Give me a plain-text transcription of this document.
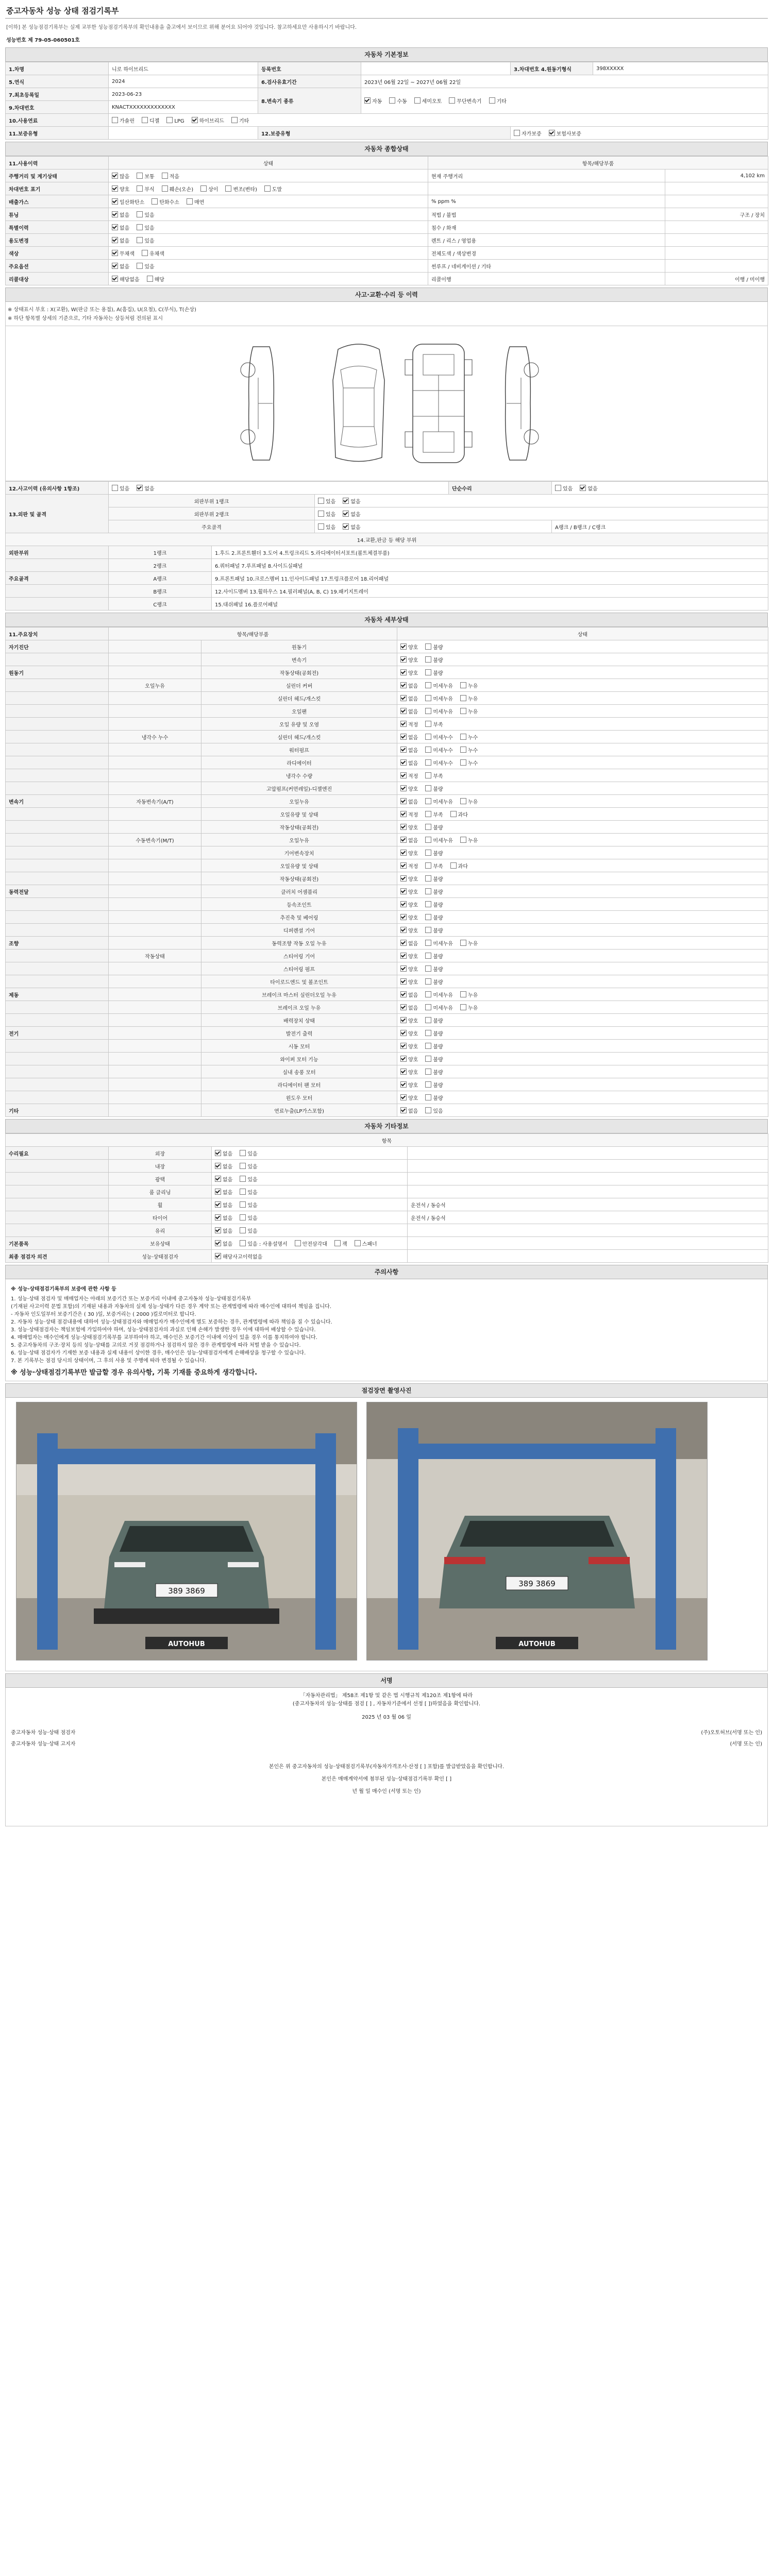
중고자동차 성능 상태 점검기록부
[이하] 본 성능점검기록부는 실제 교부한 성능점검기록부의 확인내용을 출고에서 보이므로 위해 분어요 되어야 것입니다. 참고하세요만 사용하시기 바랍니다.
성능번호 제 79-05-060501호
자동차 기본정보
1.차명	니로 하이브리드	등록번호		3.차대번호 4.원동기형식	398XXXXX
5.연식	2024	6.검사유효기간	2023년 06월 22일 ~ 2027년 06월 22일		
7.최초등록일	2023-06-23	8.변속기 종류	자동 수동 세미오토 무단변속기 기타		
9.차대번호	KNACTXXXXXXXXXXXXX				
10.사용연료	가솔린 디젤 LPG 하이브리드 기타				
11.보증유형		12.보증유형		자가보증 보험사보증	
자동차 종합상태
11.사용이력	상태	항목/해당부품	
주행거리 및 계기상태	많음 보통 적음	현재 주행거리	4,102 km
차대번호 표기	양호 부식 훼손(오손) 상이 변조(변타) 도말		
배출가스	일산화탄소 탄화수소 매연	% ppm %	
튜닝	없음 있음	적법 / 불법	구조 / 장치
특별이력	없음 있음	침수 / 화재	
용도변경	없음 있음	렌트 / 리스 / 영업용	
색상	무채색 유채색	전체도색 / 색상변경	
주요옵션	없음 있음	썬루프 / 네비게이션 / 기타	
리콜대상	해당없음 해당	리콜이행	이행 / 미이행
사고·교환·수리 등 이력
※ 상태표시 부호 : X(교환), W(판금 또는 용접), A(흠집), U(요철), C(부식), T(손상)
※ 하단 항목별 상세의 기준으로, 기타 자동차는 상등처럼 전의된 표시
12.사고이력 (유의사항 1항조)	있음 없음			단순수리	있음 없음
13.외판 및 골격	외판부위 1랭크		있음 없음		
	외판부위 2랭크		있음 없음		
	주요골격		있음 없음		A랭크 / B랭크 / C랭크
14.교환,판금 등 해당 부위					
외판부위	1랭크	1.후드 2.프론트휀더 3.도어 4.트렁크리드 5.라디에이터서포트(볼트체결부품)			
	2랭크	6.쿼터패널 7.루프패널 8.사이드실패널			
주요골격	A랭크	9.프론트패널 10.크로스멤버 11.인사이드패널 17.트렁크플로어 18.리어패널			
	B랭크	12.사이드멤버 13.휠하우스 14.필러패널(A, B, C) 19.패키지트레이			
	C랭크	15.대쉬패널 16.플로어패널			
자동차 세부상태
11.주요장치	항목/해당부품		상태
자기진단		원동기	양호 불량
		변속기	양호 불량
원동기		작동상태(공회전)	양호 불량
	오일누유	실린더 커버	없음 미세누유 누유
		실린더 헤드/개스킷	없음 미세누유 누유
		오일팬	없음 미세누유 누유
		오일 유량 및 오염	적정 부족
	냉각수 누수	실린더 헤드/개스킷	없음 미세누수 누수
		워터펌프	없음 미세누수 누수
		라디에이터	없음 미세누수 누수
		냉각수 수량	적정 부족
		고압펌프(커먼레일)-디젤엔진	양호 불량
변속기	자동변속기(A/T)	오일누유	없음 미세누유 누유
		오일유량 및 상태	적정 부족 과다
		작동상태(공회전)	양호 불량
	수동변속기(M/T)	오일누유	없음 미세누유 누유
		기어변속장치	양호 불량
		오일유량 및 상태	적정 부족 과다
		작동상태(공회전)	양호 불량
동력전달		클러치 어셈블리	양호 불량
		등속조인트	양호 불량
		추진축 및 베어링	양호 불량
		디퍼렌셜 기어	양호 불량
조향		동력조향 작동 오일 누유	없음 미세누유 누유
	작동상태	스티어링 기어	양호 불량
		스티어링 펌프	양호 불량
		타이로드엔드 및 볼조인트	양호 불량
제동		브레이크 마스터 실린더오일 누유	없음 미세누유 누유
		브레이크 오일 누유	없음 미세누유 누유
		배력장치 상태	양호 불량
전기		발전기 출력	양호 불량
		시동 모터	양호 불량
		와이퍼 모터 기능	양호 불량
		실내 송풍 모터	양호 불량
		라디에이터 팬 모터	양호 불량
		윈도우 모터	양호 불량
기타		연료누출(LP가스포함)	없음 있음
자동차 기타정보
항목			
수리필요	외장	없음 있음	
	내장	없음 있음	
	광택	없음 있음	
	룸 클리닝	없음 있음	
	휠	없음 있음	운전석 / 동승석
	타이어	없음 있음	운전석 / 동승석
	유리	없음 있음	
기본품목	보유상태	없음 있음 : 사용설명서 안전삼각대 잭 스패너	
최종 점검자 의견	성능·상태점검자	해당사고이력없음	
주의사항
※ 성능·상태점검기록부의 보증에 관한 사항 등
1. 성능·상태 점검자 및 매매업자는 아래의 보증기간 또는 보증거리 이내에 중고자동차 성능·상태점검기록부
(기재된 사고이력 문법 포함)의 기재된 내용과 자동차의 실제 성능·상태가 다른 경우 계약 또는 관계법령에 따라 매수인에 대하여 책임을 집니다.
- 자동차 인도일부터 보증기간은 ( 30 )일, 보증거리는 ( 2000 )킬로미터로 합니다.
2. 자동차 성능·상태 점검내용에 대하여 성능·상태점검자와 매매업자가 매수인에게 별도 보증하는 경우, 관계법령에 따라 책임을 질 수 있습니다.
3. 성능·상태점검자는 책임보험에 가입하여야 하며, 성능·상태점검자의 과실로 인해 손해가 발생한 경우 이에 대하여 배상할 수 있습니다.
4. 매매업자는 매수인에게 성능·상태점검기록부를 교부하여야 하고, 매수인은 보증기간 이내에 이상이 있을 경우 이를 통지하여야 합니다.
5. 중고자동차의 구조·장치 등의 성능·상태를 고의로 거짓 점검하거나 점검하지 않은 경우 관계법령에 따라 처벌 받을 수 있습니다.
6. 성능·상태 점검자가 기재한 보증 내용과 실제 내용이 상이한 경우, 매수인은 성능·상태점검자에게 손해배상을 청구할 수 있습니다.
7. 본 기록부는 점검 당시의 상태이며, 그 후의 사용 및 주행에 따라 변경될 수 있습니다.
※ 성능·상태점검기록부만 발급할 경우 유의사항, 기록 기재를 중요하게 생각합니다.
점검장면 촬영사진
389 3869
AUTOHUB
389 3869
AUTOHUB
서명
「자동차관리법」 제58조 제1항 및 같은 법 시행규칙 제120조 제1항에 따라
(중고자동차의 성능·상태를 점검 [ ] , 자동차기준에서 선정 [ ])하였음을 확인합니다.
2025 년 03 월 06 일
중고자동차 성능·상태 점검자	(주)오토허브(서명 또는 인)
중고자동차 성능·상태 고지자	(서명 또는 인)
본인은 위 중고자동차의 성능·상태점검기록부(자동차가격조사·산정 [ ] 포함)를 발급받았음을 확인합니다.
본인은 매매계약서에 첨부된 성능·상태점검기록부 확인 [ ]
년 월 일 매수인 (서명 또는 인)
